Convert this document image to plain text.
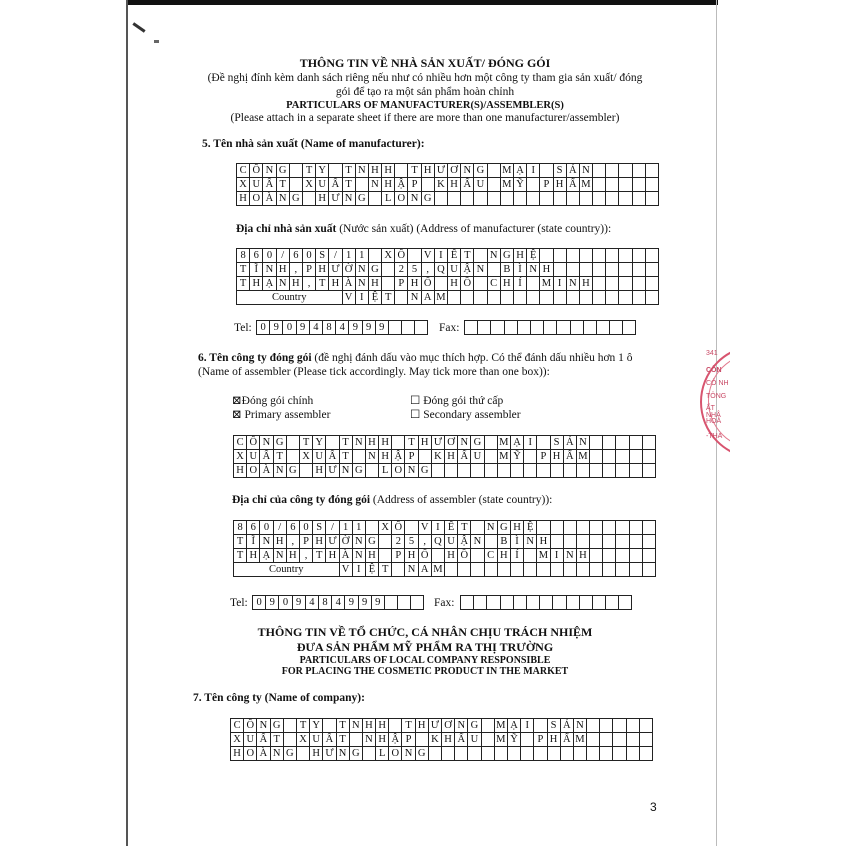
THÔNG TIN VỀ NHÀ SẢN XUẤT/ ĐÓNG GÓI
(Đề nghị đính kèm danh sách riêng nếu như có nhiều hơn một công ty tham gia sản xuất/ đóng
gói để tạo ra một sản phẩm hoàn chỉnh
PARTICULARS OF MANUFACTURER(S)/ASSEMBLER(S)
(Please attach in a separate sheet if there are more than one manufacturer/assembler)
5. Tên nhà sản xuất (Name of manufacturer):
C	Ô	N	G		T	Y		T	N	H	H		T	H	Ư	Ơ	N	G		M	Ạ	I		S	Ả	N					
X	U	Ấ	T		X	U	Ấ	T		N	H	Ậ	P		K	H	Ẩ	U		M	Ỹ		P	H	Ẩ	M					
H	O	À	N	G		H	Ư	N	G		L	O	N	G																	
Địa chỉ nhà sản xuất (Nước sản xuất) (Address of manufacturer (state country)):
8	6	0	/	6	0	S	/	1	1		X	Ô		V	I	Ế	T		N	G	H	Ệ									
T	Ĩ	N	H	,	P	H	Ư	Ờ	N	G		2	5	,	Q	U	Ậ	N		B	Ì	N	H								
T	H	Ạ	N	H	,	T	H	À	N	H		P	H	Ố		H	Ồ		C	H	Í		M	I	N	H					
Country								V	I	Ệ	T		N	A	M																
Tel: 0	9	0	9	4	8	4	9	9	9				Fax:

6. Tên công ty đóng gói (đề nghị đánh dấu vào mục thích hợp. Có thể đánh dấu nhiều hơn 1 ô
(Name of assembler (Please tick accordingly. May tick more than one box)):
⊠Đóng gói chính
⊠ Primary assembler
☐ Đóng gói thứ cấp
☐ Secondary assembler
C	Ô	N	G		T	Y		T	N	H	H		T	H	Ư	Ơ	N	G		M	Ạ	I		S	Ả	N					
X	U	Ấ	T		X	U	Ấ	T		N	H	Ậ	P		K	H	Ẩ	U		M	Ỹ		P	H	Ẩ	M					
H	O	À	N	G		H	Ư	N	G		L	O	N	G																	
Địa chỉ của công ty đóng gói (Address of assembler (state country)):
8	6	0	/	6	0	S	/	1	1		X	Ô		V	I	Ế	T		N	G	H	Ệ									
T	Ĩ	N	H	,	P	H	Ư	Ờ	N	G		2	5	,	Q	U	Ậ	N		B	Ì	N	H								
T	H	Ạ	N	H	,	T	H	À	N	H		P	H	Ố		H	Ồ		C	H	Í		M	I	N	H					
Country								V	I	Ệ	T		N	A	M																
Tel: 0	9	0	9	4	8	4	9	9	9				Fax:

THÔNG TIN VỀ TỔ CHỨC, CÁ NHÂN CHỊU TRÁCH NHIỆM
ĐƯA SẢN PHẨM MỸ PHẨM RA THỊ TRƯỜNG
PARTICULARS OF LOCAL COMPANY RESPONSIBLE
FOR PLACING THE COSMETIC PRODUCT IN THE MARKET
7. Tên công ty (Name of company):
C	Ô	N	G		T	Y		T	N	H	H		T	H	Ư	Ơ	N	G		M	Ạ	I		S	Ả	N					
X	U	Ấ	T		X	U	Ấ	T		N	H	Ậ	P		K	H	Ẩ	U		M	Ỹ		P	H	Ẩ	M					
H	O	À	N	G		H	Ư	N	G		L	O	N	G																	
341
CÔN
CÔ NH
TÔNG
ẤT NHẬ
HOÀ
-THA
3
